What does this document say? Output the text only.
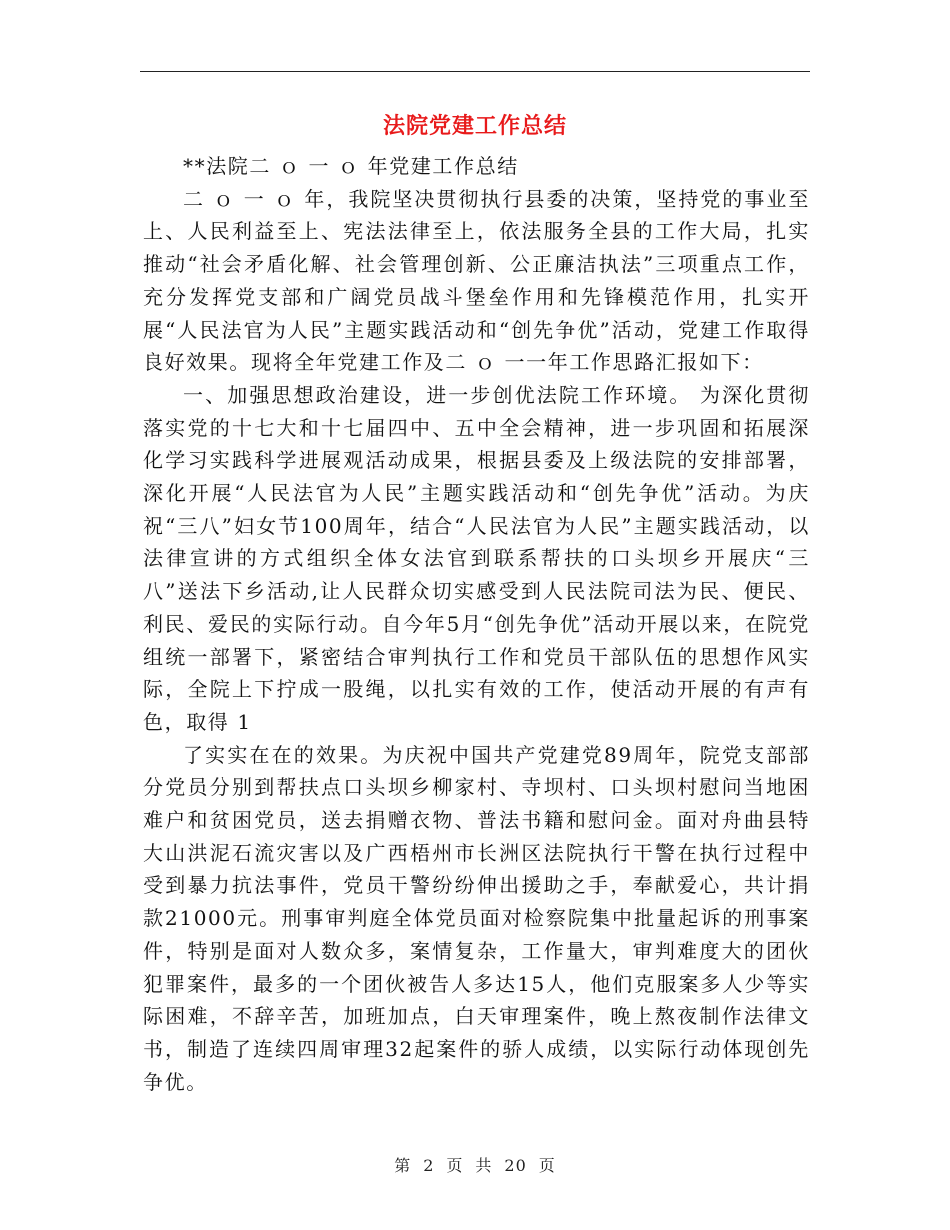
法院党建工作总结

**法院二 ｏ 一 ｏ 年党建工作总结

二 ｏ 一 ｏ 年，我院坚决贯彻执行县委的决策，坚持党的事业至上、人民利益至上、宪法法律至上，依法服务全县的工作大局，扎实推动“社会矛盾化解、社会管理创新、公正廉洁执法”三项重点工作，充分发挥党支部和广阔党员战斗堡垒作用和先锋模范作用，扎实开展“人民法官为人民”主题实践活动和“创先争优”活动，党建工作取得良好效果。现将全年党建工作及二 ｏ 一一年工作思路汇报如下：

一、加强思想政治建设，进一步创优法院工作环境。 为深化贯彻落实党的十七大和十七届四中、五中全会精神，进一步巩固和拓展深化学习实践科学进展观活动成果，根据县委及上级法院的安排部署，深化开展“人民法官为人民”主题实践活动和“创先争优”活动。为庆祝“三八”妇女节100周年，结合“人民法官为人民”主题实践活动，以法律宣讲的方式组织全体女法官到联系帮扶的口头坝乡开展庆“三八”送法下乡活动,让人民群众切实感受到人民法院司法为民、便民、利民、爱民的实际行动。自今年5月“创先争优”活动开展以来，在院党组统一部署下，紧密结合审判执行工作和党员干部队伍的思想作风实际，全院上下拧成一股绳，以扎实有效的工作，使活动开展的有声有色，取得 1

了实实在在的效果。为庆祝中国共产党建党89周年，院党支部部分党员分别到帮扶点口头坝乡柳家村、寺坝村、口头坝村慰问当地困难户和贫困党员，送去捐赠衣物、普法书籍和慰问金。面对舟曲县特大山洪泥石流灾害以及广西梧州市长洲区法院执行干警在执行过程中受到暴力抗法事件，党员干警纷纷伸出援助之手，奉献爱心，共计捐款21000元。刑事审判庭全体党员面对检察院集中批量起诉的刑事案件，特别是面对人数众多，案情复杂，工作量大，审判难度大的团伙犯罪案件，最多的一个团伙被告人多达15人，他们克服案多人少等实际困难，不辞辛苦，加班加点，白天审理案件，晚上熬夜制作法律文书，制造了连续四周审理32起案件的骄人成绩，以实际行动体现创先争优。

第 2 页 共 20 页
